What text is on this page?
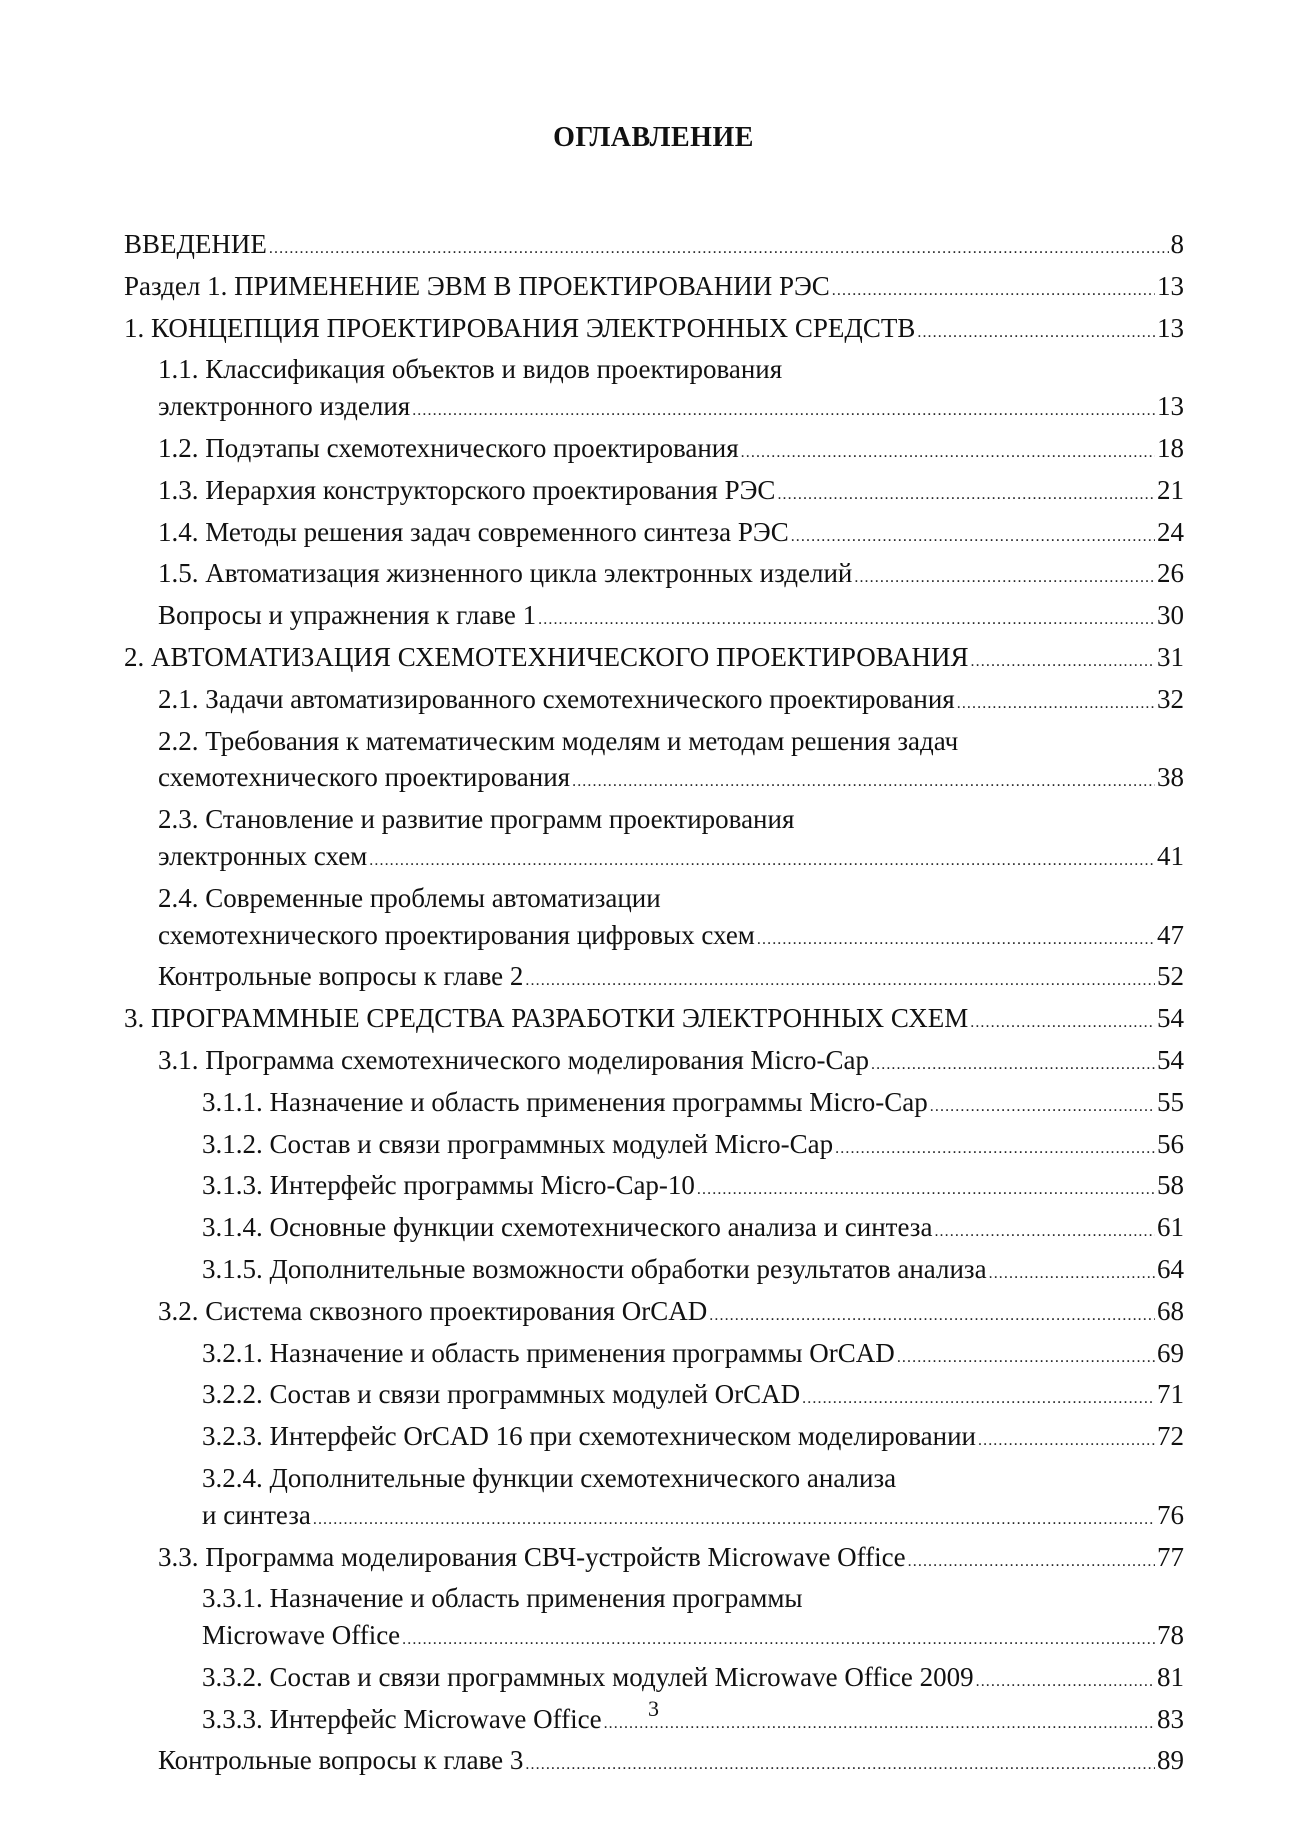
ОГЛАВЛЕНИЕ
ВВЕДЕНИЕ .....	8
Раздел 1. ПРИМЕНЕНИЕ ЭВМ В ПРОЕКТИРОВАНИИ РЭС .....	13
1. КОНЦЕПЦИЯ ПРОЕКТИРОВАНИЯ ЭЛЕКТРОННЫХ СРЕДСТВ .....	13
1.1. Классификация объектов и видов проектирования
электронного изделия .....	13
1.2. Подэтапы схемотехнического проектирования .....	18
1.3. Иерархия конструкторского проектирования РЭС .....	21
1.4. Методы решения задач современного синтеза РЭС .....	24
1.5. Автоматизация жизненного цикла электронных изделий .....	26
Вопросы и упражнения к главе 1 .....	30
2. АВТОМАТИЗАЦИЯ СХЕМОТЕХНИЧЕСКОГО ПРОЕКТИРОВАНИЯ .....	31
2.1. Задачи автоматизированного схемотехнического проектирования .....	32
2.2. Требования к математическим моделям и методам решения задач
схемотехнического проектирования .....	38
2.3. Становление и развитие программ проектирования
электронных схем .....	41
2.4. Современные проблемы автоматизации
схемотехнического проектирования цифровых схем .....	47
Контрольные вопросы к главе 2 .....	52
3. ПРОГРАММНЫЕ СРЕДСТВА РАЗРАБОТКИ ЭЛЕКТРОННЫХ СХЕМ .....	54
3.1. Программа схемотехнического моделирования Micro-Cap .....	54
3.1.1. Назначение и область применения программы Micro-Cap .....	55
3.1.2. Состав и связи программных модулей Micro-Cap .....	56
3.1.3. Интерфейс программы Micro-Cap-10 .....	58
3.1.4. Основные функции схемотехнического анализа и синтеза .....	61
3.1.5. Дополнительные возможности обработки результатов анализа .....	64
3.2. Система сквозного проектирования OrCAD .....	68
3.2.1. Назначение и область применения программы OrCAD .....	69
3.2.2. Состав и связи программных модулей OrCAD .....	71
3.2.3. Интерфейс OrCAD 16 при схемотехническом моделировании .....	72
3.2.4. Дополнительные функции схемотехнического анализа
и синтеза .....	76
3.3. Программа моделирования СВЧ-устройств Microwave Office .....	77
3.3.1. Назначение и область применения программы
Microwave Office .....	78
3.3.2. Состав и связи программных модулей Microwave Office 2009 .....	81
3.3.3. Интерфейс Microwave Office .....	83
Контрольные вопросы к главе 3 .....	89
3
